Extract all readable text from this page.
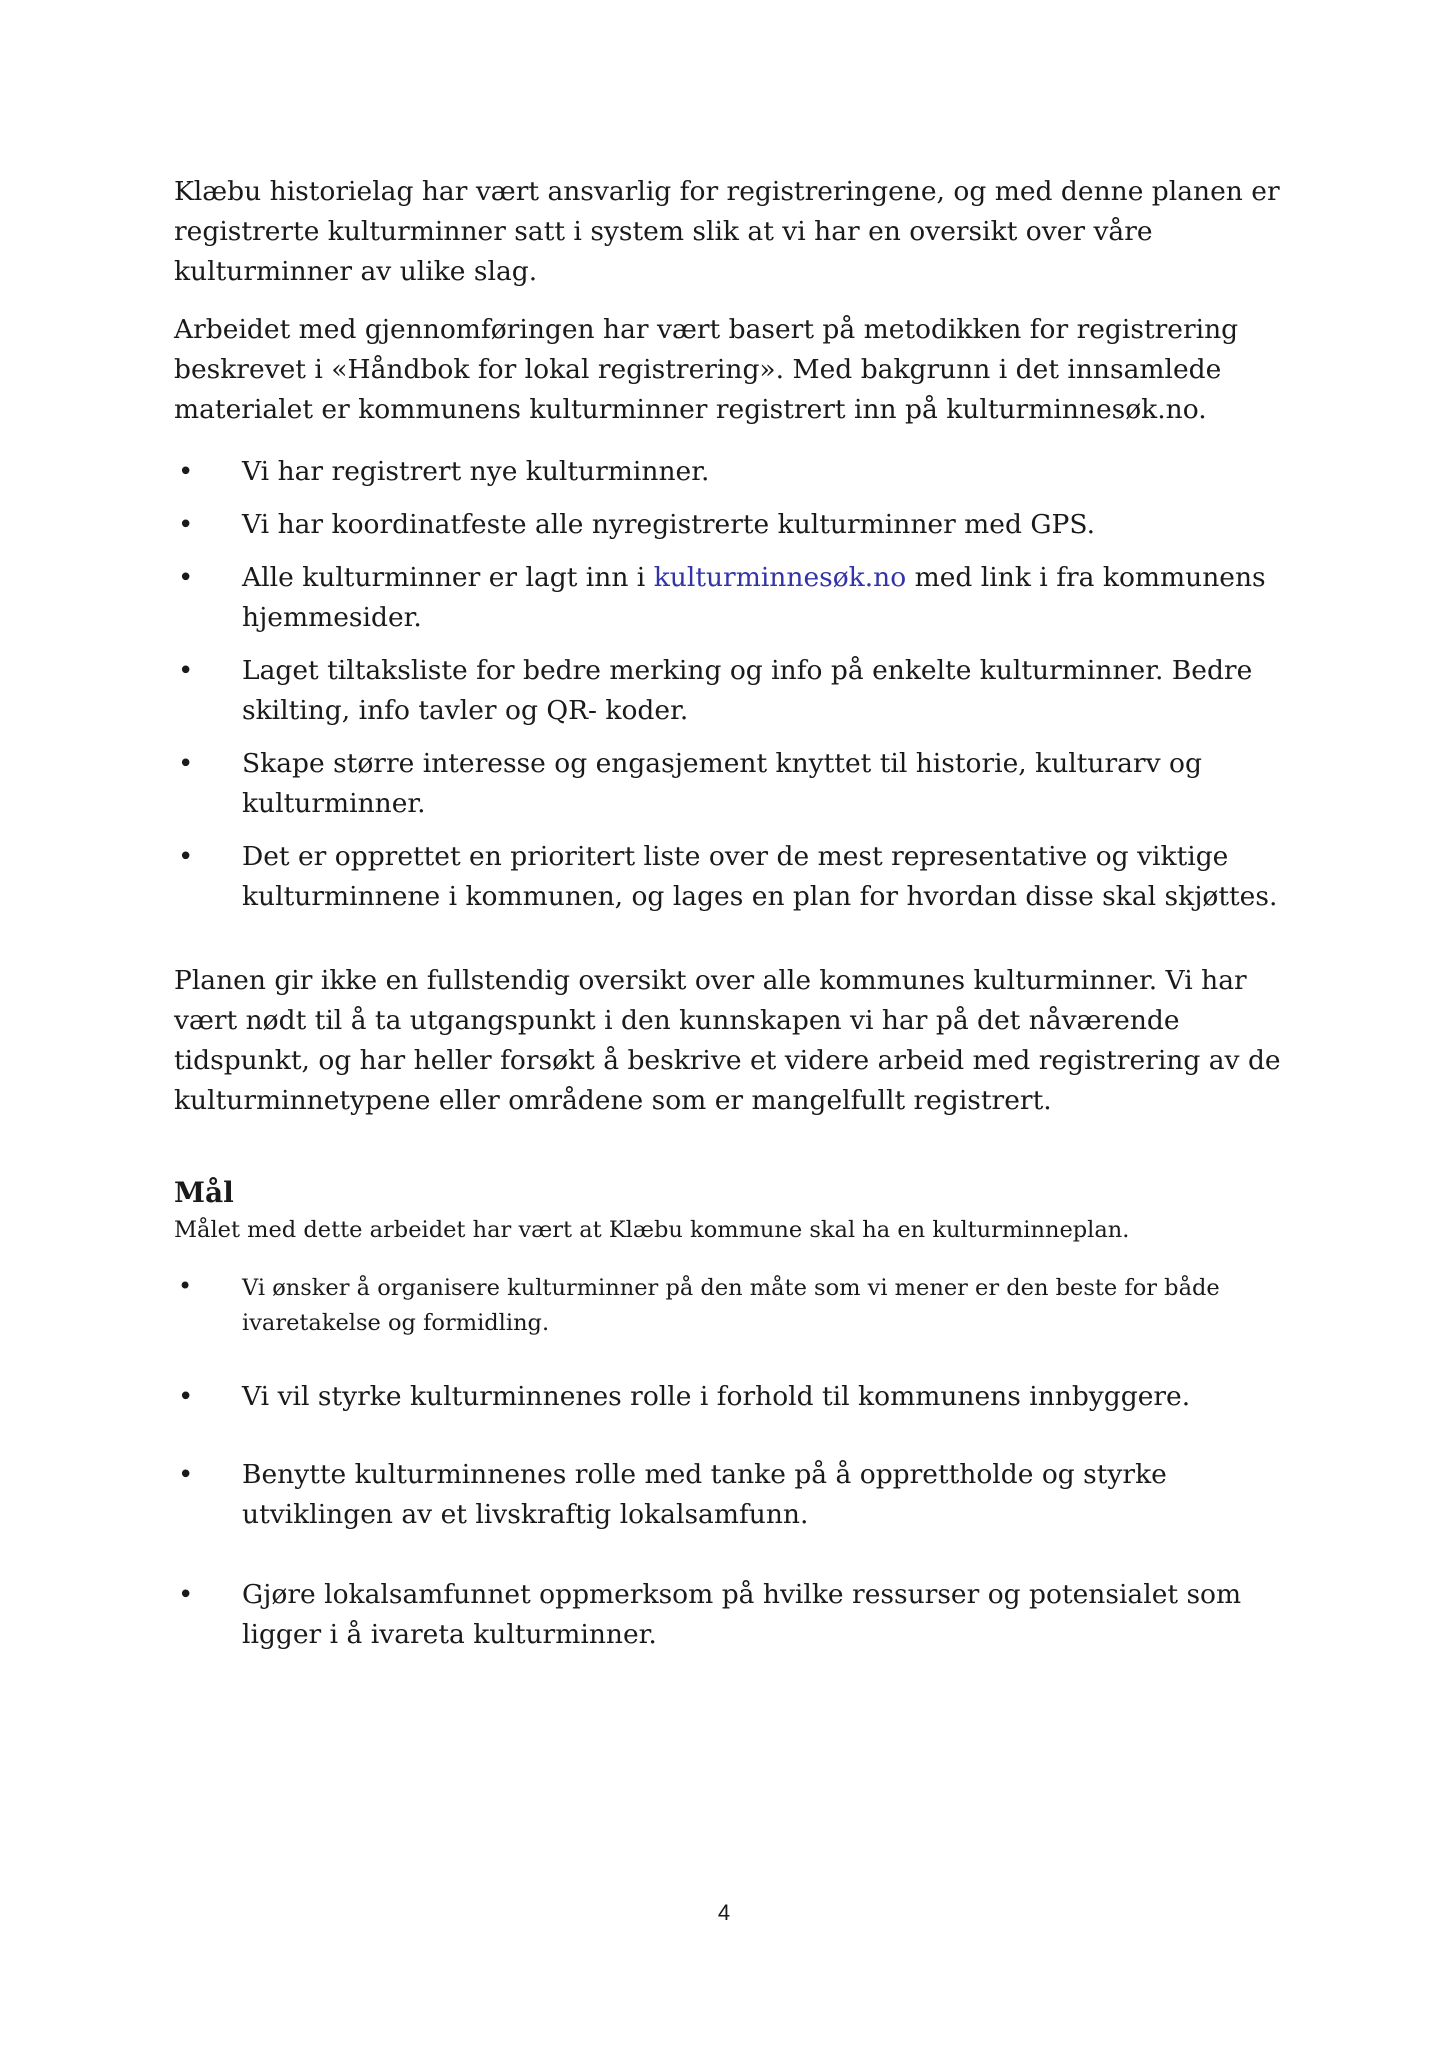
Klæbu historielag har vært ansvarlig for registreringene, og med denne planen er registrerte kulturminner satt i system slik at vi har en oversikt over våre kulturminner av ulike slag.

Arbeidet med gjennomføringen har vært basert på metodikken for registrering beskrevet i «Håndbok for lokal registrering». Med bakgrunn i det innsamlede materialet er kommunens kulturminner registrert inn på kulturminnesøk.no.

• Vi har registrert nye kulturminner.
• Vi har koordinatfeste alle nyregistrerte kulturminner med GPS.
• Alle kulturminner er lagt inn i kulturminnesøk.no med link i fra kommunens hjemmesider.
• Laget tiltaksliste for bedre merking og info på enkelte kulturminner. Bedre skilting, info tavler og QR- koder.
• Skape større interesse og engasjement knyttet til historie, kulturarv og kulturminner.
• Det er opprettet en prioritert liste over de mest representative og viktige kulturminnene i kommunen, og lages en plan for hvordan disse skal skjøttes.

Planen gir ikke en fullstendig oversikt over alle kommunes kulturminner. Vi har vært nødt til å ta utgangspunkt i den kunnskapen vi har på det nåværende tidspunkt, og har heller forsøkt å beskrive et videre arbeid med registrering av de kulturminnetypene eller områdene som er mangelfullt registrert.

Mål

Målet med dette arbeidet har vært at Klæbu kommune skal ha en kulturminneplan.

• Vi ønsker å organisere kulturminner på den måte som vi mener er den beste for både ivaretakelse og formidling.
• Vi vil styrke kulturminnenes rolle i forhold til kommunens innbyggere.
• Benytte kulturminnenes rolle med tanke på å opprettholde og styrke utviklingen av et livskraftig lokalsamfunn.
• Gjøre lokalsamfunnet oppmerksom på hvilke ressurser og potensialet som ligger i å ivareta kulturminner.
4
